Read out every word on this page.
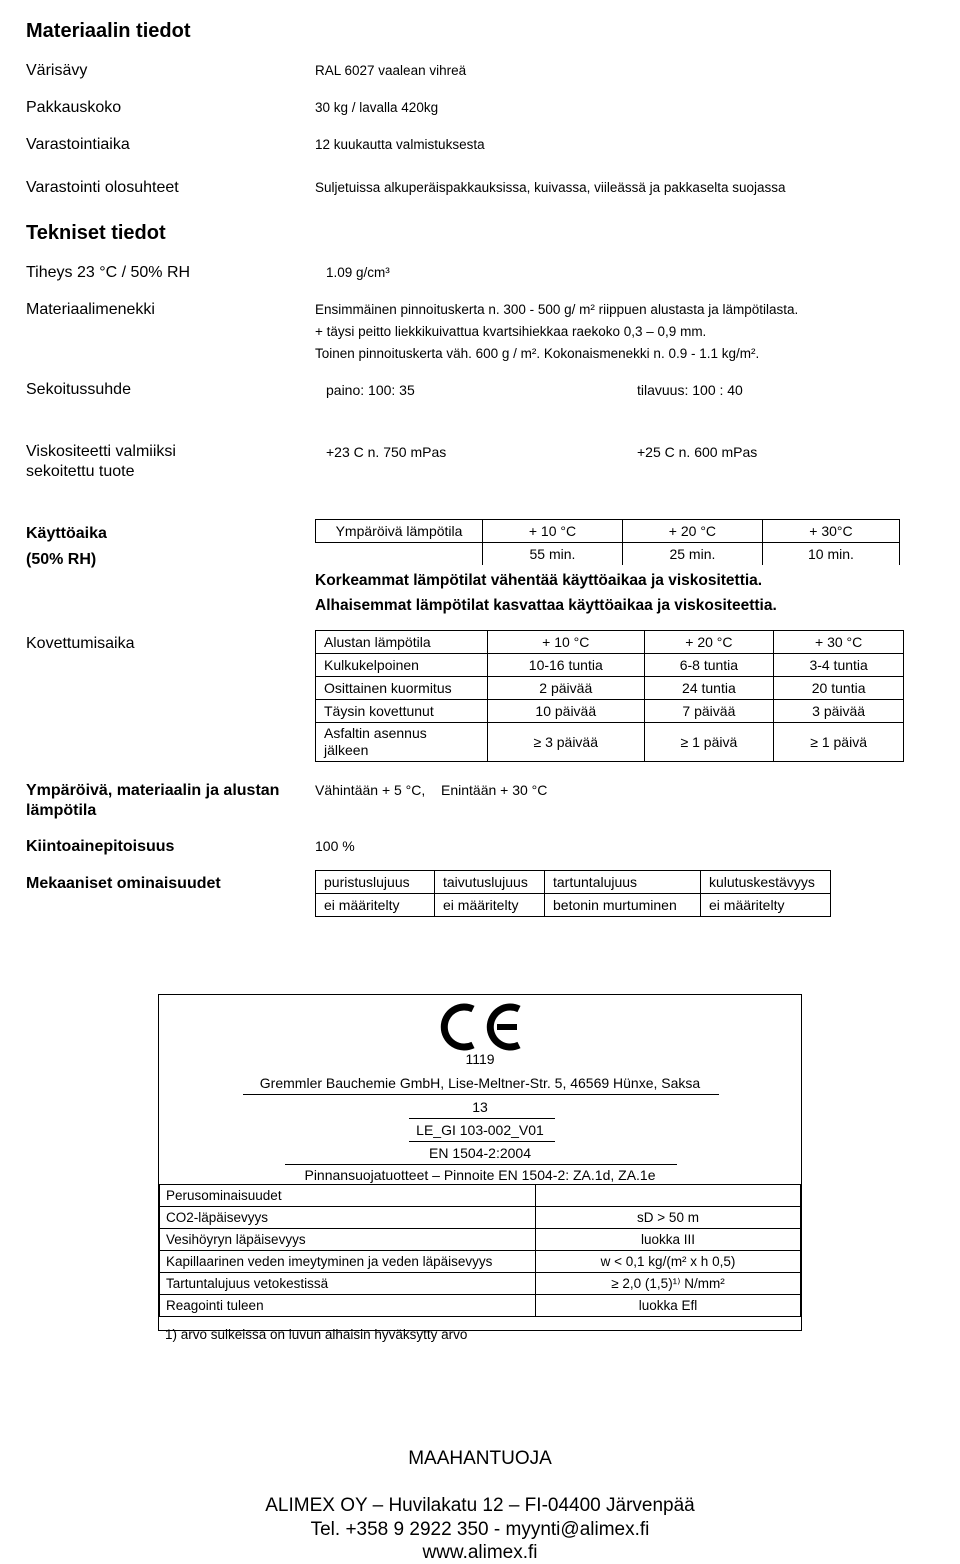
Materiaalin tiedot
Värisävy	RAL 6027 vaalean vihreä
Pakkauskoko	30 kg / lavalla 420kg
Varastointiaika	12 kuukautta valmistuksesta
Varastointi olosuhteet	Suljetuissa alkuperäispakkauksissa, kuivassa, viileässä ja pakkaselta suojassa
Tekniset tiedot
Tiheys 23 °C / 50% RH	1.09 g/cm³
Materiaalimenekki	Ensimmäinen pinnoituskerta n. 300 - 500 g/ m² riippuen alustasta ja lämpötilasta.
+ täysi peitto liekkikuivattua kvartsihiekkaa raekoko 0,3 – 0,9 mm.
Toinen pinnoituskerta väh. 600 g / m². Kokonaismenekki n. 0.9 - 1.1 kg/m².
Sekoitussuhde	paino: 100: 35	tilavuus: 100 : 40
Viskositeetti valmiiksi
sekoitettu tuote
+23 C n. 750 mPas	+25 C n. 600 mPas
Käyttöaika
(50% RH)
Ympäröivä lämpötila	+ 10 °C	+ 20 °C	+ 30°C
	55 min.	25 min.	10 min.
Korkeammat lämpötilat vähentää käyttöaikaa ja viskositettia.
Alhaisemmat lämpötilat kasvattaa käyttöaikaa ja viskositeettia.
Kovettumisaika	Alustan lämpötila	+ 10 °C	+ 20 °C	+ 30 °C
Kulkukelpoinen	10-16 tuntia	6-8 tuntia	3-4 tuntia
Osittainen kuormitus	2 päivää	24 tuntia	20 tuntia
Täysin kovettunut	10 päivää	7 päivää	3 päivää
Asfaltin asennus
jälkeen	≥ 3 päivää	≥ 1 päivä	≥ 1 päivä
Ympäröivä, materiaalin ja alustan
lämpötila
Vähintään + 5 °C, Enintään + 30 °C
Kiintoainepitoisuus	100 %
Mekaaniset ominaisuudet	puristuslujuus	taivutuslujuus	tartuntalujuus	kulutuskestävyys
ei määritelty	ei määritelty	betonin murtuminen	ei määritelty
1119
Gremmler Bauchemie GmbH, Lise-Meltner-Str. 5, 46569 Hünxe, Saksa
13
LE_GI 103-002_V01
EN 1504-2:2004
Pinnansuojatuotteet – Pinnoite EN 1504-2: ZA.1d, ZA.1e
Perusominaisuudet	
CO2-läpäisevyys	sD > 50 m
Vesihöyryn läpäisevyys	luokka III
Kapillaarinen veden imeytyminen ja veden läpäisevyys	w < 0,1 kg/(m² x h 0,5)
Tartuntalujuus vetokestissä	≥ 2,0 (1,5)¹⁾ N/mm²
Reagointi tuleen	luokka Efl
1) arvo sulkeissa on luvun alhaisin hyväksytty arvo
MAAHANTUOJA
ALIMEX OY – Huvilakatu 12 – FI-04400 Järvenpää
Tel. +358 9 2922 350 - myynti@alimex.fi
www.alimex.fi
